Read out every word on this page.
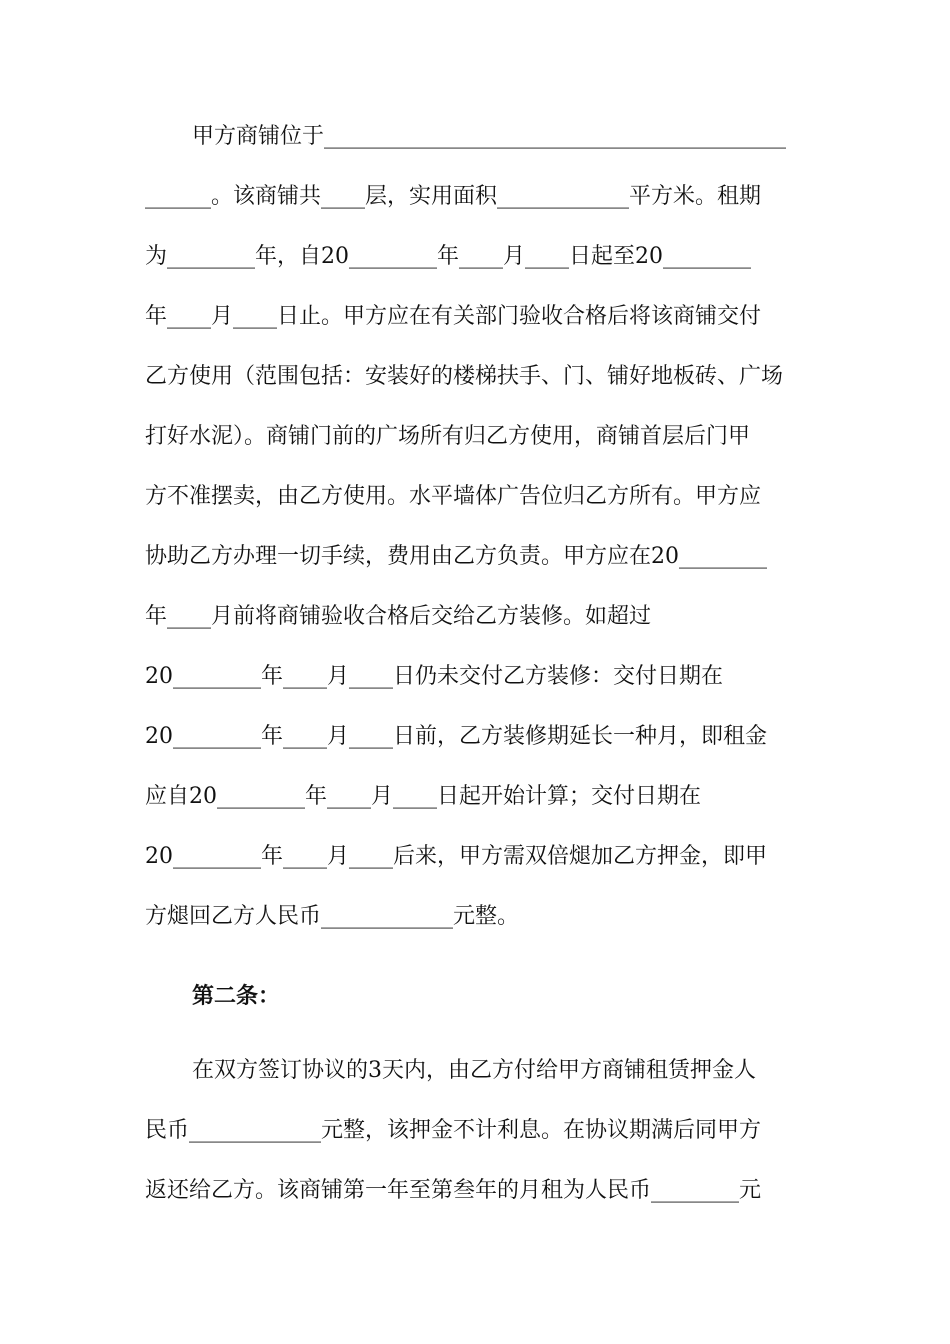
甲方商铺位于__________________________________________
______。该商铺共____层，实用面积____________平方米。租期
为________年，自20________年____月____日起至20________
年____月____日止。甲方应在有关部门验收合格后将该商铺交付
乙方使用（范围包括：安装好的楼梯扶手、门、铺好地板砖、广场
打好水泥）。商铺门前的广场所有归乙方使用，商铺首层后门甲
方不准摆卖，由乙方使用。水平墙体广告位归乙方所有。甲方应
协助乙方办理一切手续，费用由乙方负责。甲方应在20________
年____月前将商铺验收合格后交给乙方装修。如超过
20________年____月____日仍未交付乙方装修：交付日期在
20________年____月____日前，乙方装修期延长一种月，即租金
应自20________年____月____日起开始计算；交付日期在
20________年____月____后来，甲方需双倍煺加乙方押金，即甲
方煺回乙方人民币____________元整。
第二条：
在双方签订协议的3天内，由乙方付给甲方商铺租赁押金人
民币____________元整，该押金不计利息。在协议期满后同甲方
返还给乙方。该商铺第一年至第叁年的月租为人民币________元
